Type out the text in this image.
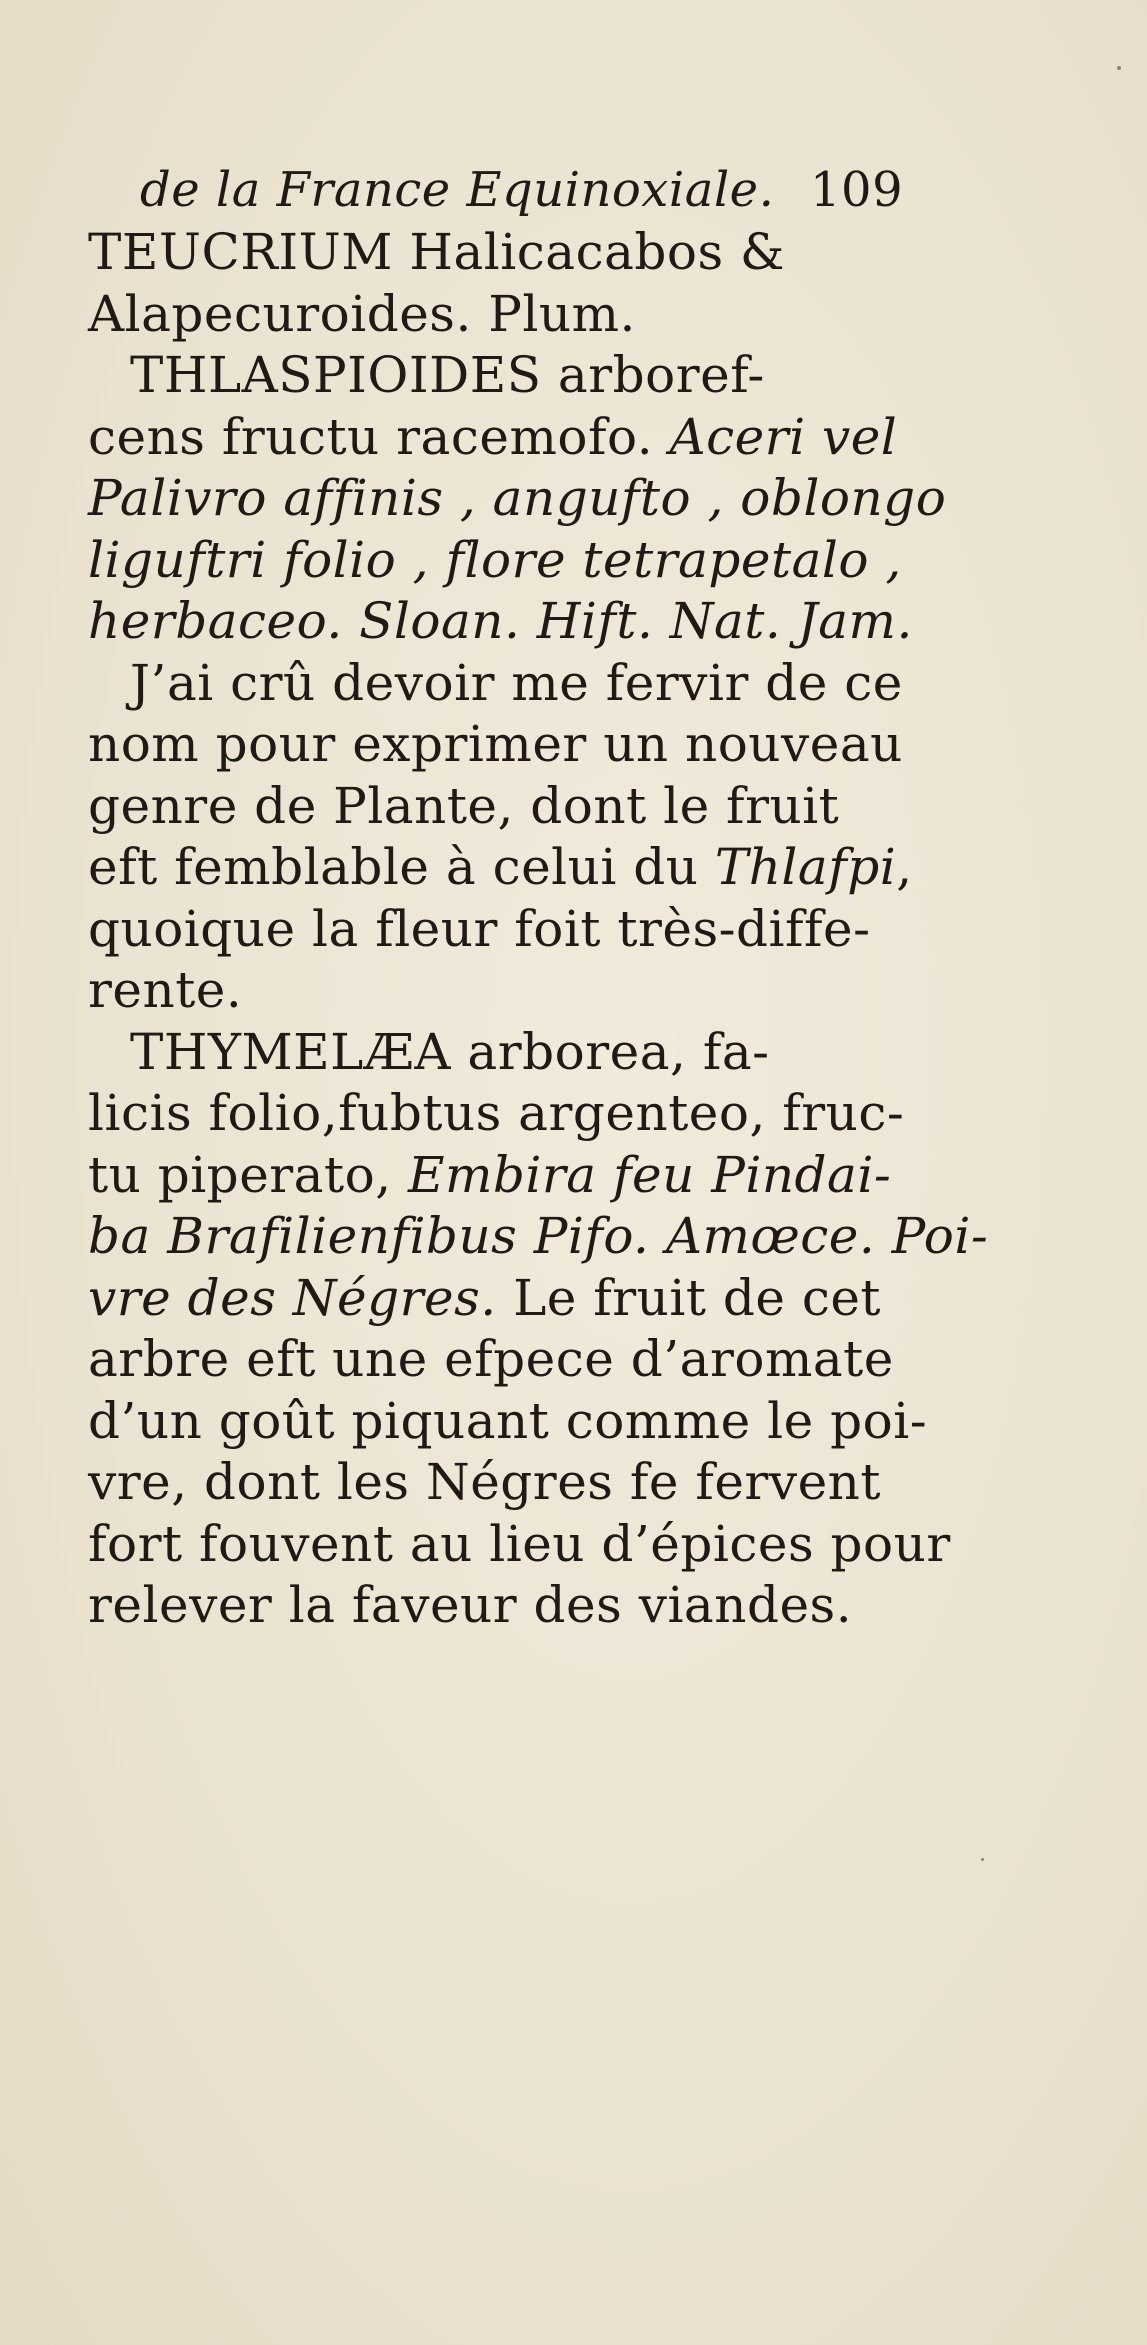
de la France Equinoxiale. 109
TEUCRIUM Halicacabos &
Alapecuroides. Plum.
THLASPIOIDES arboref-
cens fructu racemofo. Aceri vel
Palivro affinis , angufto , oblongo
liguftri folio , flore tetrapetalo ,
herbaceo. Sloan. Hift. Nat. Jam.
J’ai crû devoir me fervir de ce
nom pour exprimer un nouveau
genre de Plante, dont le fruit
eft femblable à celui du Thlafpi,
quoique la fleur foit très-diffe-
rente.
THYMELÆA arborea, fa-
licis folio,fubtus argenteo, fruc-
tu piperato, Embira feu Pindai-
ba Brafilienfibus Pifo. Amœce. Poi-
vre des Négres. Le fruit de cet
arbre eft une efpece d’aromate
d’un goût piquant comme le poi-
vre, dont les Négres fe fervent
fort fouvent au lieu d’épices pour
relever la faveur des viandes.
